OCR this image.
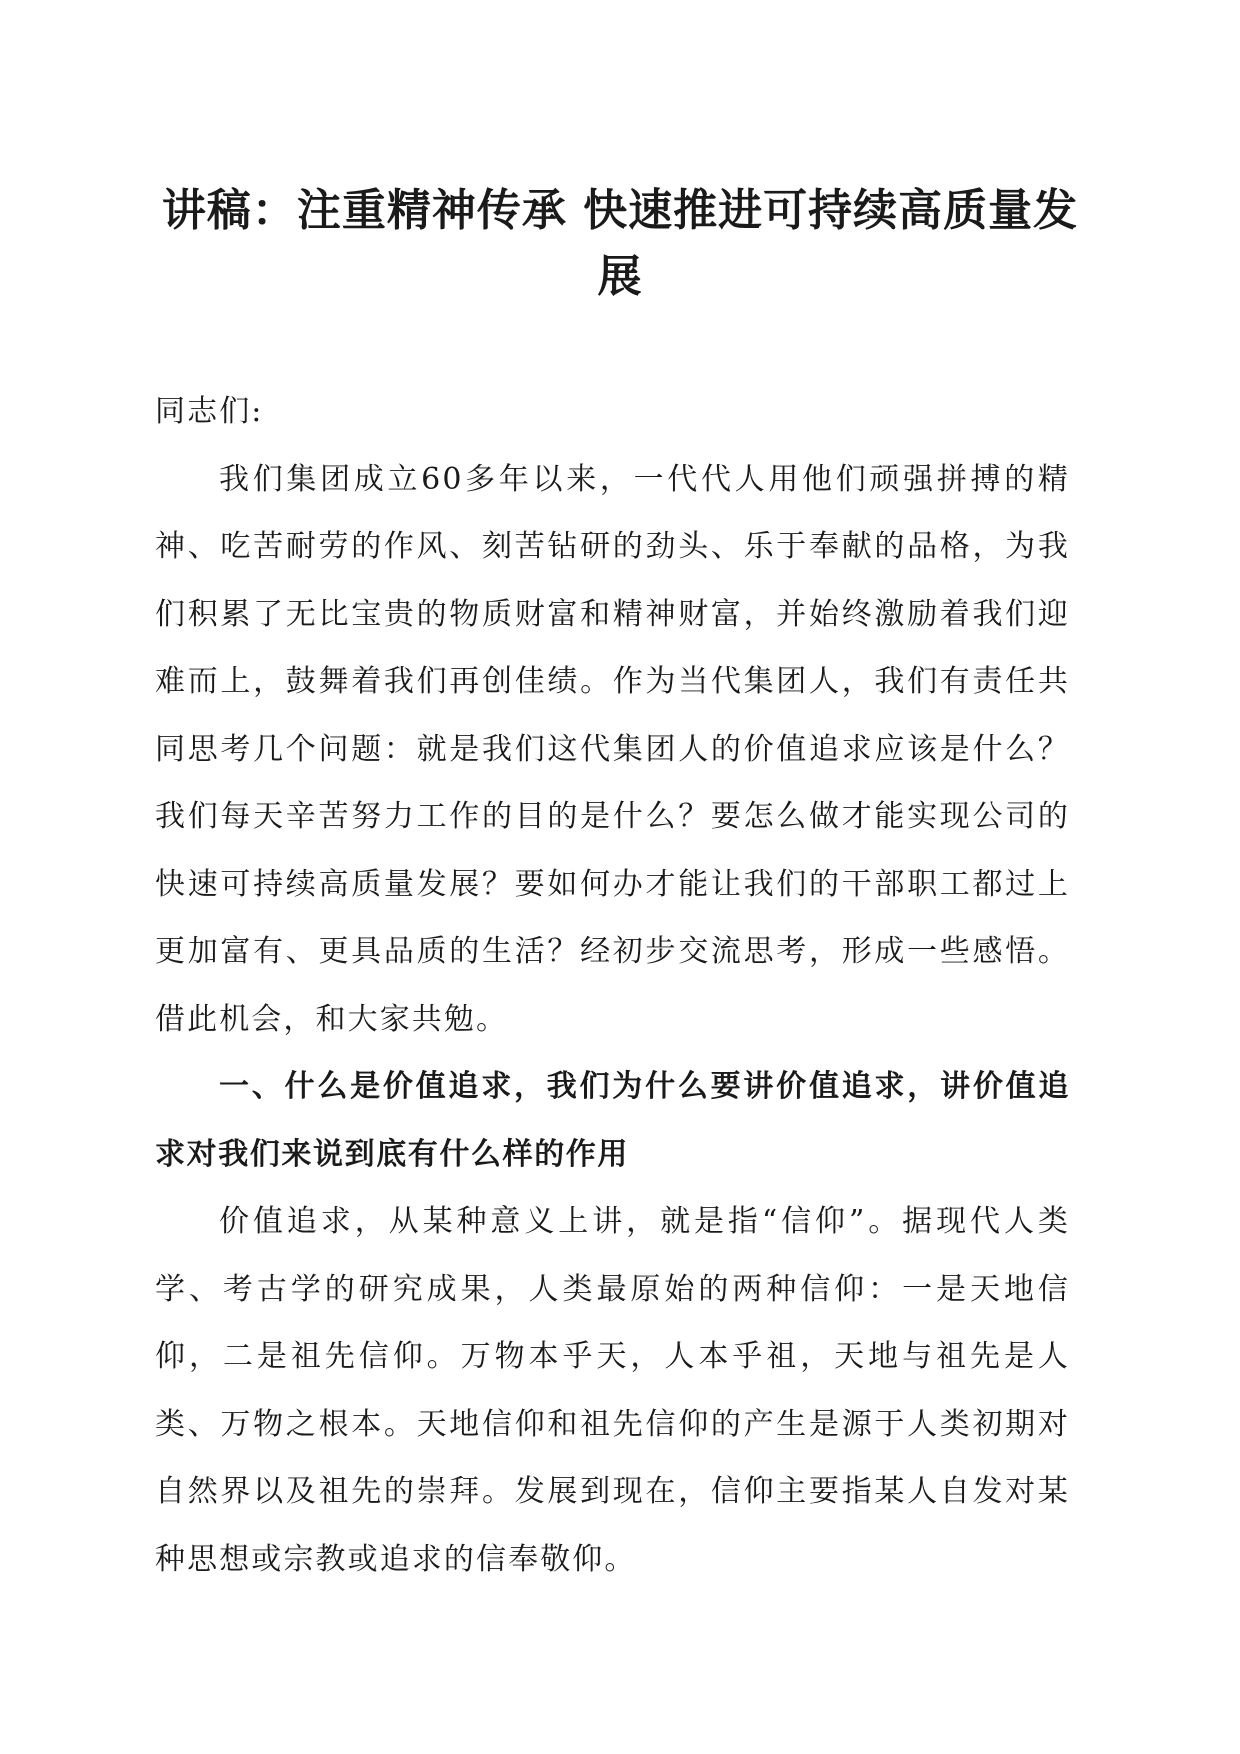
讲稿：注重精神传承 快速推进可持续高质量发展

同志们:

我们集团成立60多年以来，一代代人用他们顽强拼搏的精神、吃苦耐劳的作风、刻苦钻研的劲头、乐于奉献的品格，为我们积累了无比宝贵的物质财富和精神财富，并始终激励着我们迎难而上，鼓舞着我们再创佳绩。作为当代集团人，我们有责任共同思考几个问题：就是我们这代集团人的价值追求应该是什么？我们每天辛苦努力工作的目的是什么？要怎么做才能实现公司的快速可持续高质量发展？要如何办才能让我们的干部职工都过上更加富有、更具品质的生活？经初步交流思考，形成一些感悟。借此机会，和大家共勉。

一、什么是价值追求，我们为什么要讲价值追求，讲价值追求对我们来说到底有什么样的作用

价值追求，从某种意义上讲，就是指“信仰”。据现代人类学、考古学的研究成果，人类最原始的两种信仰：一是天地信仰，二是祖先信仰。万物本乎天，人本乎祖，天地与祖先是人类、万物之根本。天地信仰和祖先信仰的产生是源于人类初期对自然界以及祖先的崇拜。发展到现在，信仰主要指某人自发对某种思想或宗教或追求的信奉敬仰。
